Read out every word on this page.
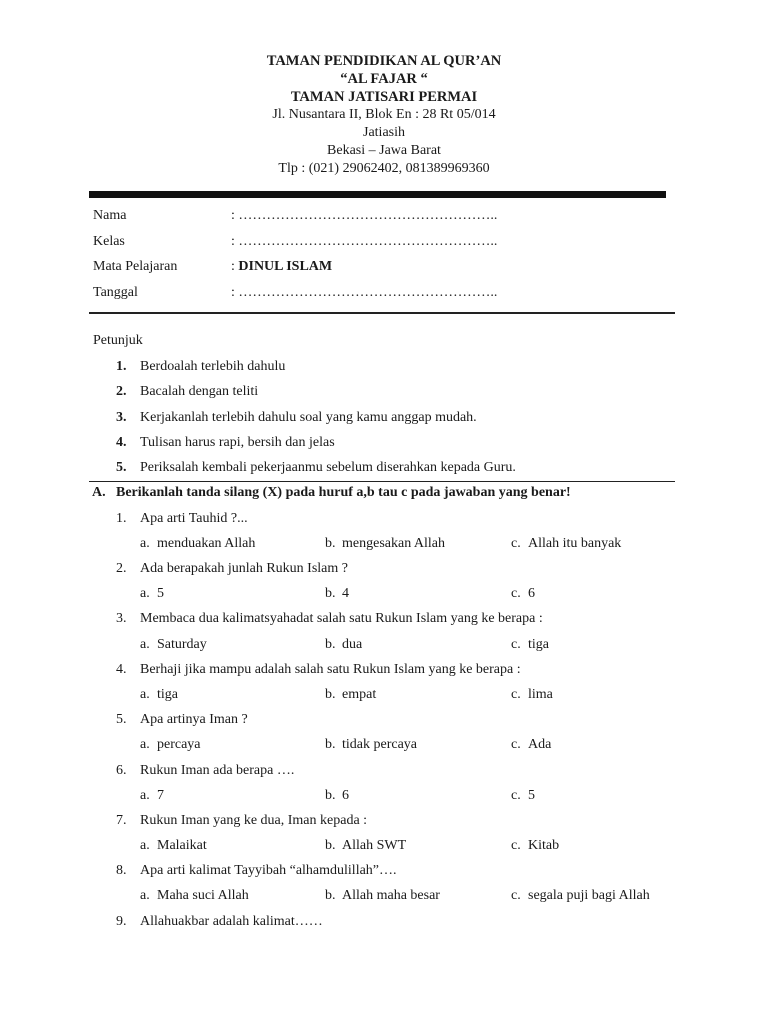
TAMAN PENDIDIKAN AL QUR’AN
“AL FAJAR “
TAMAN JATISARI PERMAI
Jl. Nusantara II, Blok En : 28 Rt 05/014
Jatiasih
Bekasi – Jawa Barat
Tlp : (021) 29062402, 081389969360
Nama	: ………………………………………………..
Kelas	: ………………………………………………..
Mata Pelajaran	: DINUL ISLAM
Tanggal	: ………………………………………………..
Petunjuk
1. Berdoalah terlebih dahulu
2. Bacalah dengan teliti
3. Kerjakanlah terlebih dahulu soal yang kamu anggap mudah.
4. Tulisan harus rapi, bersih dan jelas
5. Periksalah kembali pekerjaanmu sebelum diserahkan kepada Guru.
A. Berikanlah tanda silang (X) pada huruf a,b tau c pada jawaban yang benar!
1. Apa arti Tauhid ?...
a. menduakan Allah	b. mengesakan Allah	c. Allah itu banyak
2. Ada berapakah junlah Rukun Islam ?
a. 5	b. 4	c. 6
3. Membaca dua kalimatsyahadat salah satu Rukun Islam yang ke berapa :
a. Saturday	b. dua	c. tiga
4. Berhaji jika mampu adalah salah satu Rukun Islam yang ke berapa :
a. tiga	b. empat	c. lima
5. Apa artinya Iman ?
a. percaya	b. tidak percaya	c. Ada
6. Rukun Iman ada berapa ….
a. 7	b. 6	c. 5
7. Rukun Iman yang ke dua, Iman kepada :
a. Malaikat	b. Allah SWT	c. Kitab
8. Apa arti kalimat Tayyibah “alhamdulillah”….
a. Maha suci Allah	b. Allah maha besar	c. segala puji bagi Allah
9. Allahuakbar adalah kalimat……
